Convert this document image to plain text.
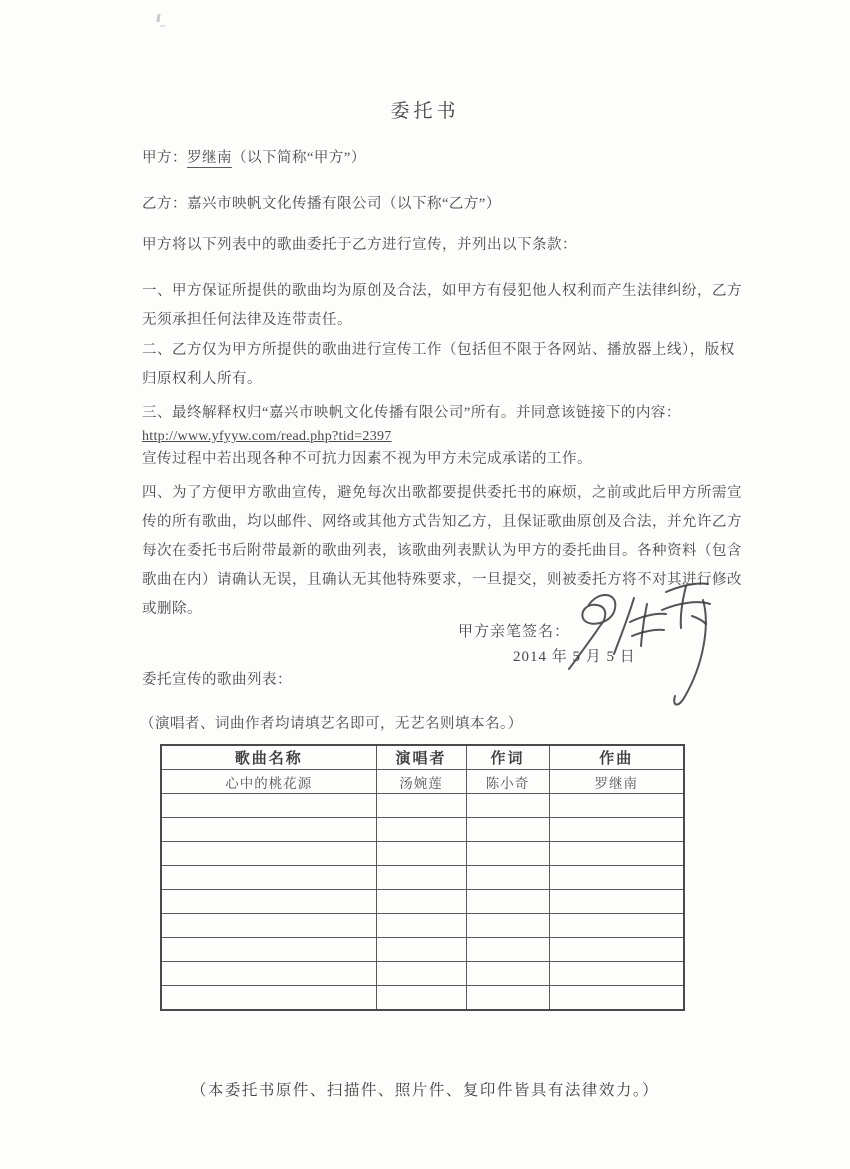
委托书
甲方：罗继南（以下简称“甲方”）
乙方：嘉兴市映帆文化传播有限公司（以下称“乙方”）
甲方将以下列表中的歌曲委托于乙方进行宣传，并列出以下条款：
一、甲方保证所提供的歌曲均为原创及合法，如甲方有侵犯他人权利而产生法律纠纷，乙方
无须承担任何法律及连带责任。
二、乙方仅为甲方所提供的歌曲进行宣传工作（包括但不限于各网站、播放器上线），版权
归原权利人所有。
三、最终解释权归“嘉兴市映帆文化传播有限公司”所有。并同意该链接下的内容：
http://www.yfyyw.com/read.php?tid=2397
宣传过程中若出现各种不可抗力因素不视为甲方未完成承诺的工作。
四、为了方便甲方歌曲宣传，避免每次出歌都要提供委托书的麻烦，之前或此后甲方所需宣
传的所有歌曲，均以邮件、网络或其他方式告知乙方，且保证歌曲原创及合法，并允许乙方
每次在委托书后附带最新的歌曲列表，该歌曲列表默认为甲方的委托曲目。各种资料（包含
歌曲在内）请确认无误，且确认无其他特殊要求，一旦提交，则被委托方将不对其进行修改
或删除。
甲方亲笔签名：
2014 年 5 月 5 日
委托宣传的歌曲列表：
（演唱者、词曲作者均请填艺名即可，无艺名则填本名。）
歌曲名称	演唱者	作词	作曲
心中的桃花源	汤婉莲	陈小奇	罗继南

（本委托书原件、扫描件、照片件、复印件皆具有法律效力。）
